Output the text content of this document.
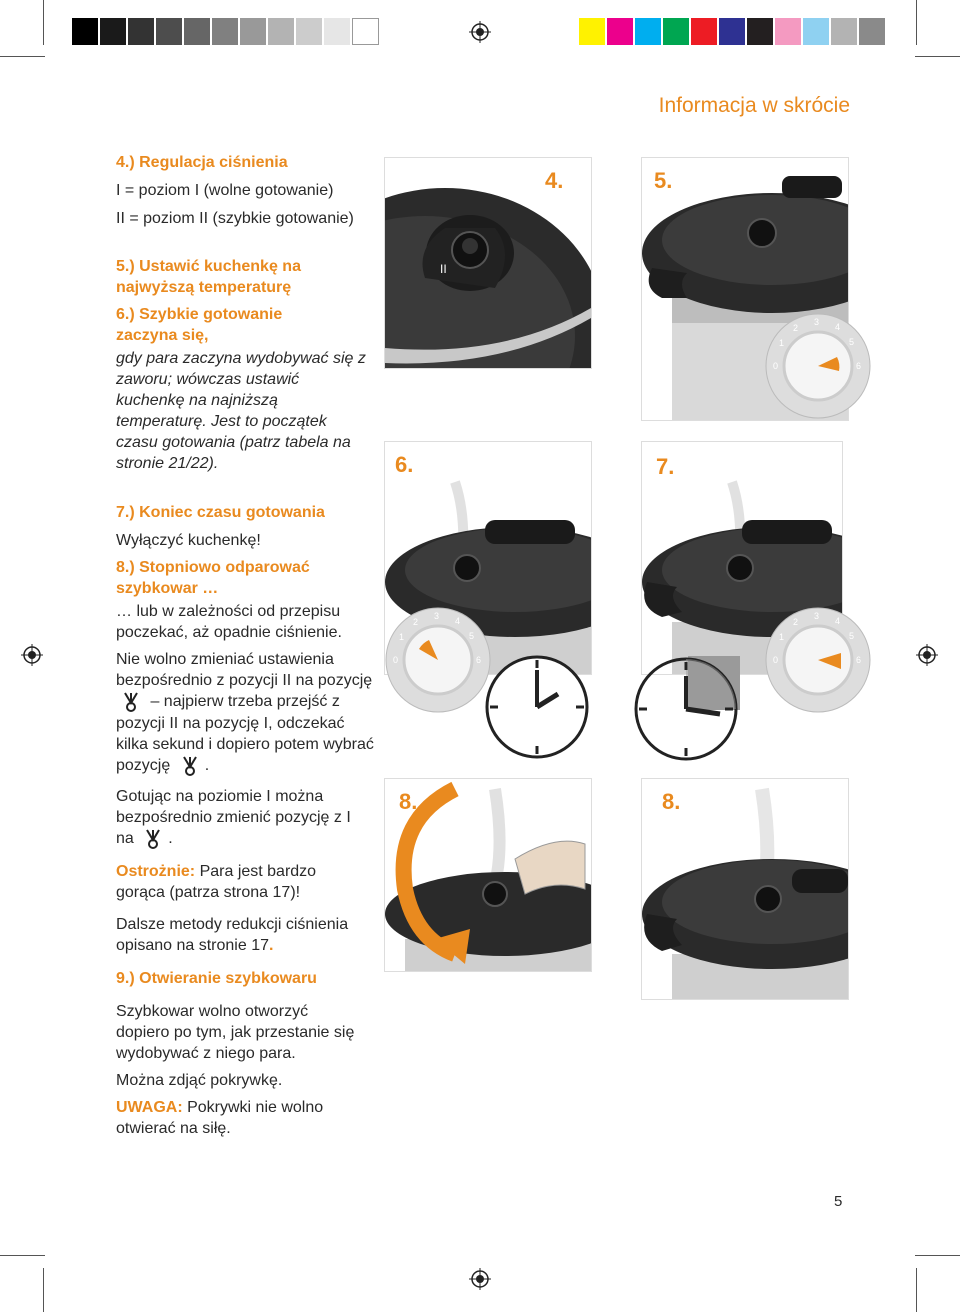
Informacja w skrócie
4.) Regulacja ciśnienia
I = poziom I (wolne gotowanie)
II = poziom II (szybkie gotowanie)
5.) Ustawić kuchenkę na najwyższą temperaturę
6.) Szybkie gotowanie zaczyna się,
gdy para zaczyna wydobywać się z zaworu; wówczas ustawić kuchenkę na najniższą temperaturę. Jest to początek czasu gotowania (patrz tabela na stronie 21/22).
7.) Koniec czasu gotowania
Wyłączyć kuchenkę!
8.) Stopniowo odparować szybkowar …
… lub w zależności od przepisu poczekać, aż opadnie ciśnienie.
Nie wolno zmieniać ustawienia bezpośrednio z pozycji II na pozycję  – najpierw trzeba przejść z pozycji II na pozycję I, odczekać kilka sekund i dopiero potem wybrać pozycję .
Gotując na poziomie I można bezpośrednio zmienić pozycję z I na .
Ostrożnie: Para jest bardzo gorąca (patrza strona 17)!
Dalsze metody redukcji ciśnienia opisano na stronie 17.
9.) Otwieranie szybkowaru
Szybkowar wolno otworzyć dopiero po tym, jak przestanie się wydobywać z niego para.
Można zdjąć pokrywkę.
UWAGA: Pokrywki nie wolno otwierać na siłę.
II
4.	5.
0
1
2
3 4
5
6
6.
0
1
2
3 4
5
6
7.
0
1
2
3 4
5
6
8.	8.
5
